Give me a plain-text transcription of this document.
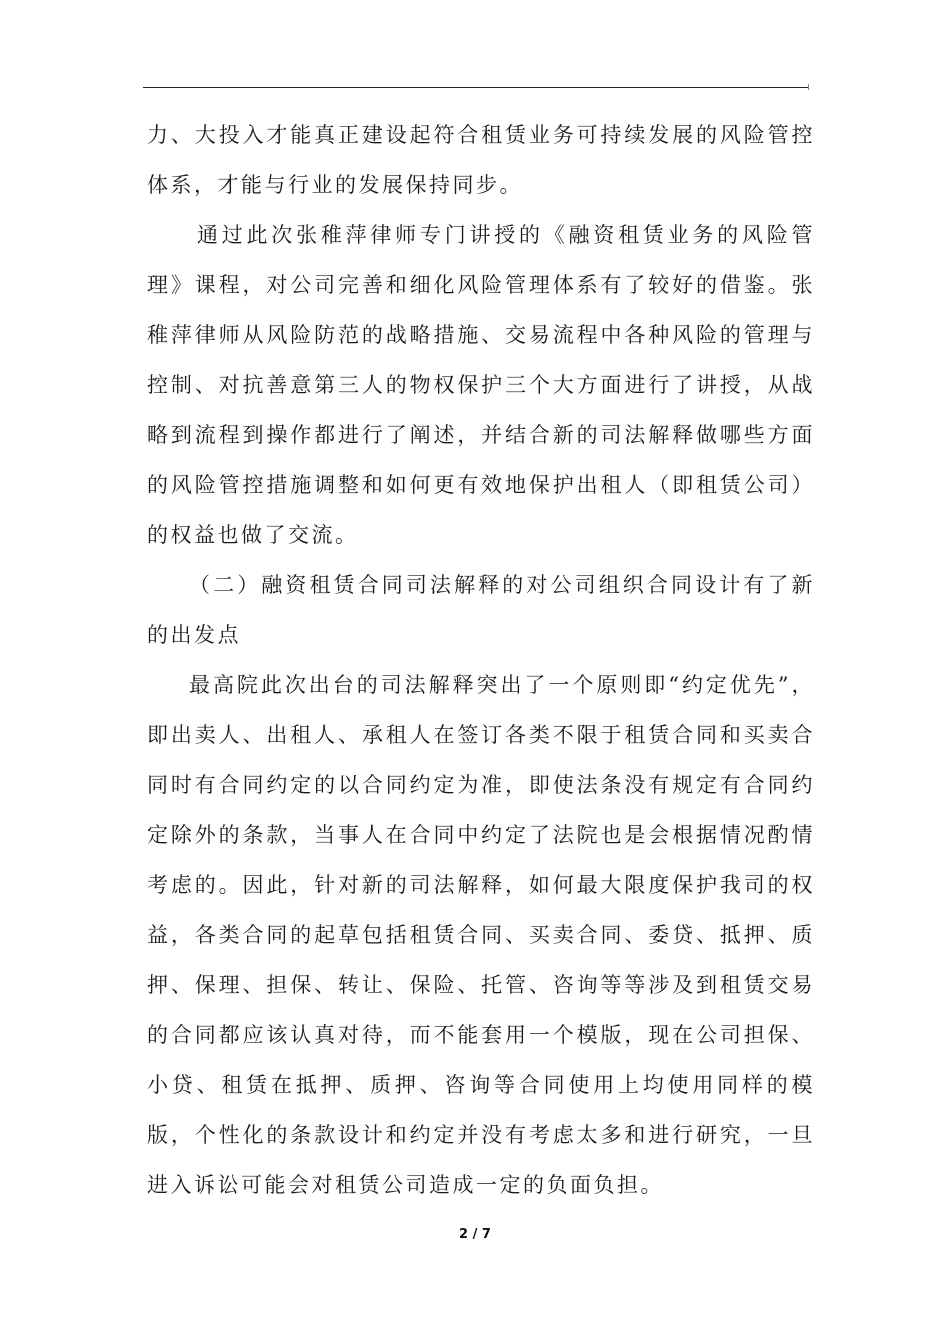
力、大投入才能真正建设起符合租赁业务可持续发展的风险管控体系，才能与行业的发展保持同步。

通过此次张稚萍律师专门讲授的《融资租赁业务的风险管理》课程，对公司完善和细化风险管理体系有了较好的借鉴。张稚萍律师从风险防范的战略措施、交易流程中各种风险的管理与控制、对抗善意第三人的物权保护三个大方面进行了讲授，从战略到流程到操作都进行了阐述，并结合新的司法解释做哪些方面的风险管控措施调整和如何更有效地保护出租人（即租赁公司）的权益也做了交流。

（二）融资租赁合同司法解释的对公司组织合同设计有了新的出发点

最高院此次出台的司法解释突出了一个原则即“约定优先”，即出卖人、出租人、承租人在签订各类不限于租赁合同和买卖合同时有合同约定的以合同约定为准，即使法条没有规定有合同约定除外的条款，当事人在合同中约定了法院也是会根据情况酌情考虑的。因此，针对新的司法解释，如何最大限度保护我司的权益，各类合同的起草包括租赁合同、买卖合同、委贷、抵押、质押、保理、担保、转让、保险、托管、咨询等等涉及到租赁交易的合同都应该认真对待，而不能套用一个模版，现在公司担保、小贷、租赁在抵押、质押、咨询等合同使用上均使用同样的模版，个性化的条款设计和约定并没有考虑太多和进行研究，一旦进入诉讼可能会对租赁公司造成一定的负面负担。

2 / 7
